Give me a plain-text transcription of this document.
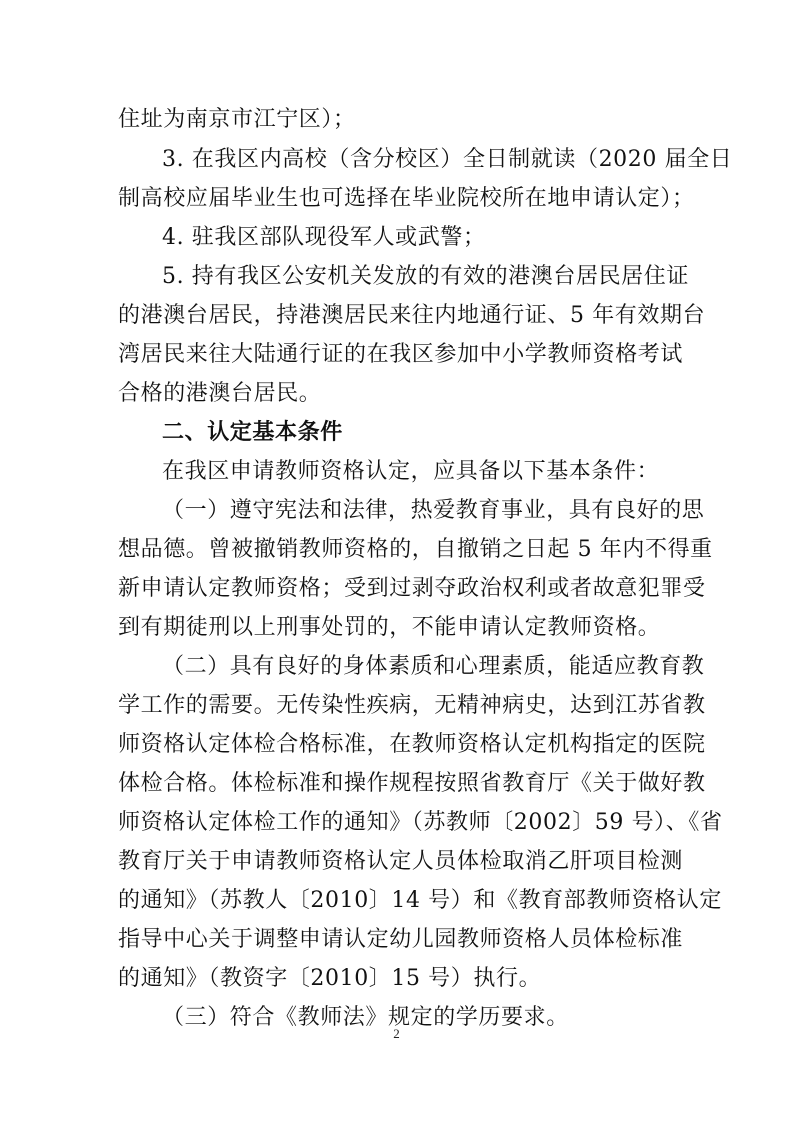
住址为南京市江宁区）；
3. 在我区内高校（含分校区）全日制就读（2020 届全日
制高校应届毕业生也可选择在毕业院校所在地申请认定）；
4. 驻我区部队现役军人或武警；
5. 持有我区公安机关发放的有效的港澳台居民居住证
的港澳台居民，持港澳居民来往内地通行证、5 年有效期台
湾居民来往大陆通行证的在我区参加中小学教师资格考试
合格的港澳台居民。
二、认定基本条件
在我区申请教师资格认定，应具备以下基本条件：
（一）遵守宪法和法律，热爱教育事业，具有良好的思
想品德。曾被撤销教师资格的，自撤销之日起 5 年内不得重
新申请认定教师资格；受到过剥夺政治权利或者故意犯罪受
到有期徒刑以上刑事处罚的，不能申请认定教师资格。
（二）具有良好的身体素质和心理素质，能适应教育教
学工作的需要。无传染性疾病，无精神病史，达到江苏省教
师资格认定体检合格标准，在教师资格认定机构指定的医院
体检合格。体检标准和操作规程按照省教育厅《关于做好教
师资格认定体检工作的通知》（苏教师〔2002〕59 号）、《省
教育厅关于申请教师资格认定人员体检取消乙肝项目检测
的通知》（苏教人〔2010〕14 号）和《教育部教师资格认定
指导中心关于调整申请认定幼儿园教师资格人员体检标准
的通知》（教资字〔2010〕15 号）执行。
（三）符合《教师法》规定的学历要求。
2
